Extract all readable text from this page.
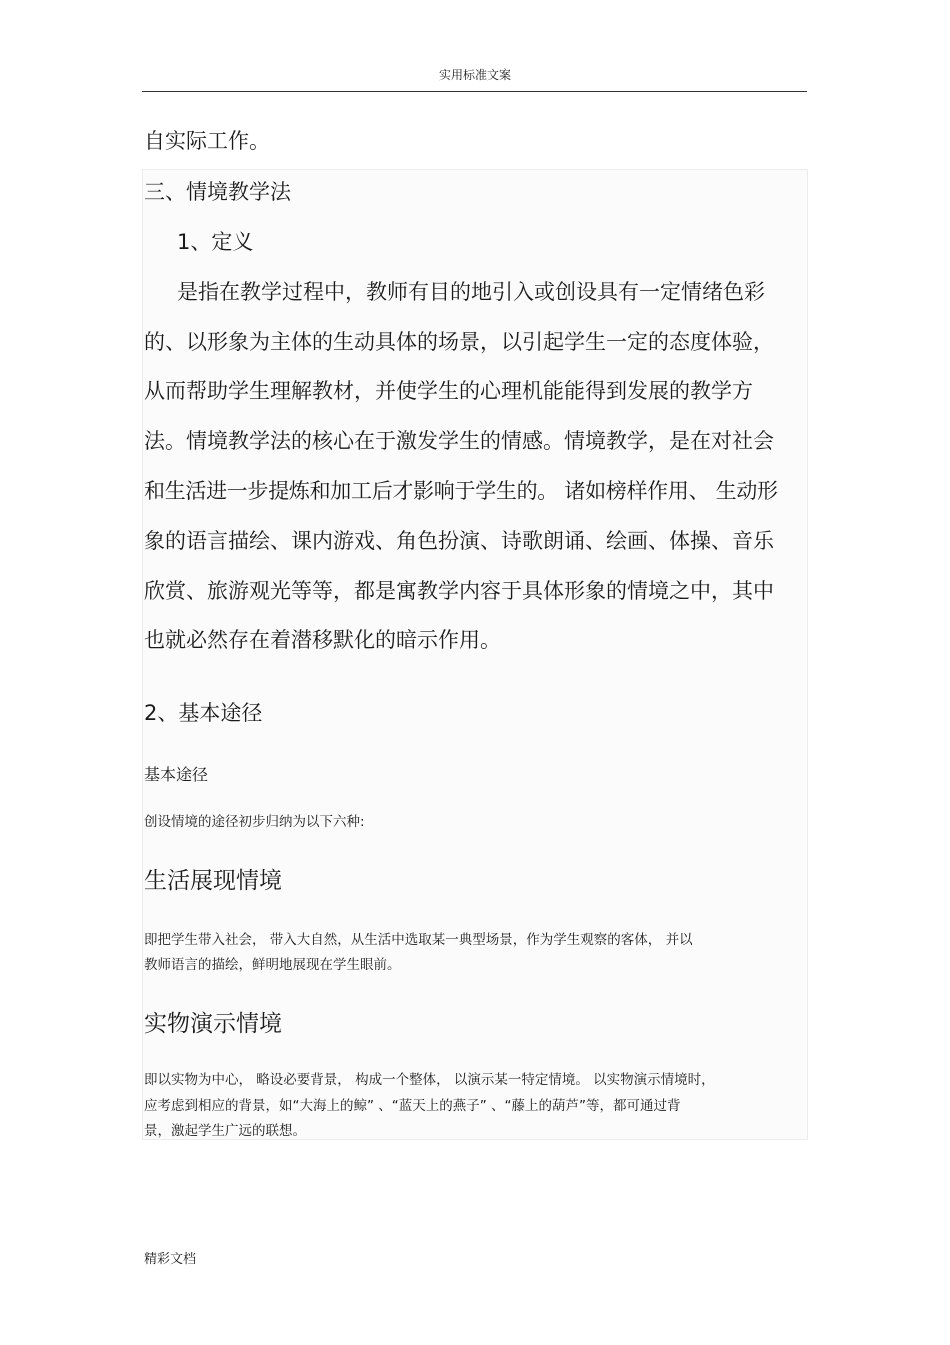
实用标准文案
自实际工作。
三、情境教学法
1、定义
是指在教学过程中，教师有目的地引入或创设具有一定情绪色彩
的、以形象为主体的生动具体的场景，以引起学生一定的态度体验，
从而帮助学生理解教材，并使学生的心理机能能得到发展的教学方
法。情境教学法的核心在于激发学生的情感。情境教学，是在对社会
和生活进一步提炼和加工后才影响于学生的。 诸如榜样作用、 生动形
象的语言描绘、课内游戏、角色扮演、诗歌朗诵、绘画、体操、音乐
欣赏、旅游观光等等，都是寓教学内容于具体形象的情境之中，其中
也就必然存在着潜移默化的暗示作用。
2、基本途径
基本途径
创设情境的途径初步归纳为以下六种:
生活展现情境
即把学生带入社会， 带入大自然，从生活中选取某一典型场景，作为学生观察的客体， 并以
教师语言的描绘，鲜明地展现在学生眼前。
实物演示情境
即以实物为中心， 略设必要背景， 构成一个整体， 以演示某一特定情境。 以实物演示情境时，
应考虑到相应的背景，如“大海上的鲸” 、“蓝天上的燕子” 、“藤上的葫芦”等，都可通过背
景，激起学生广远的联想。
精彩文档
